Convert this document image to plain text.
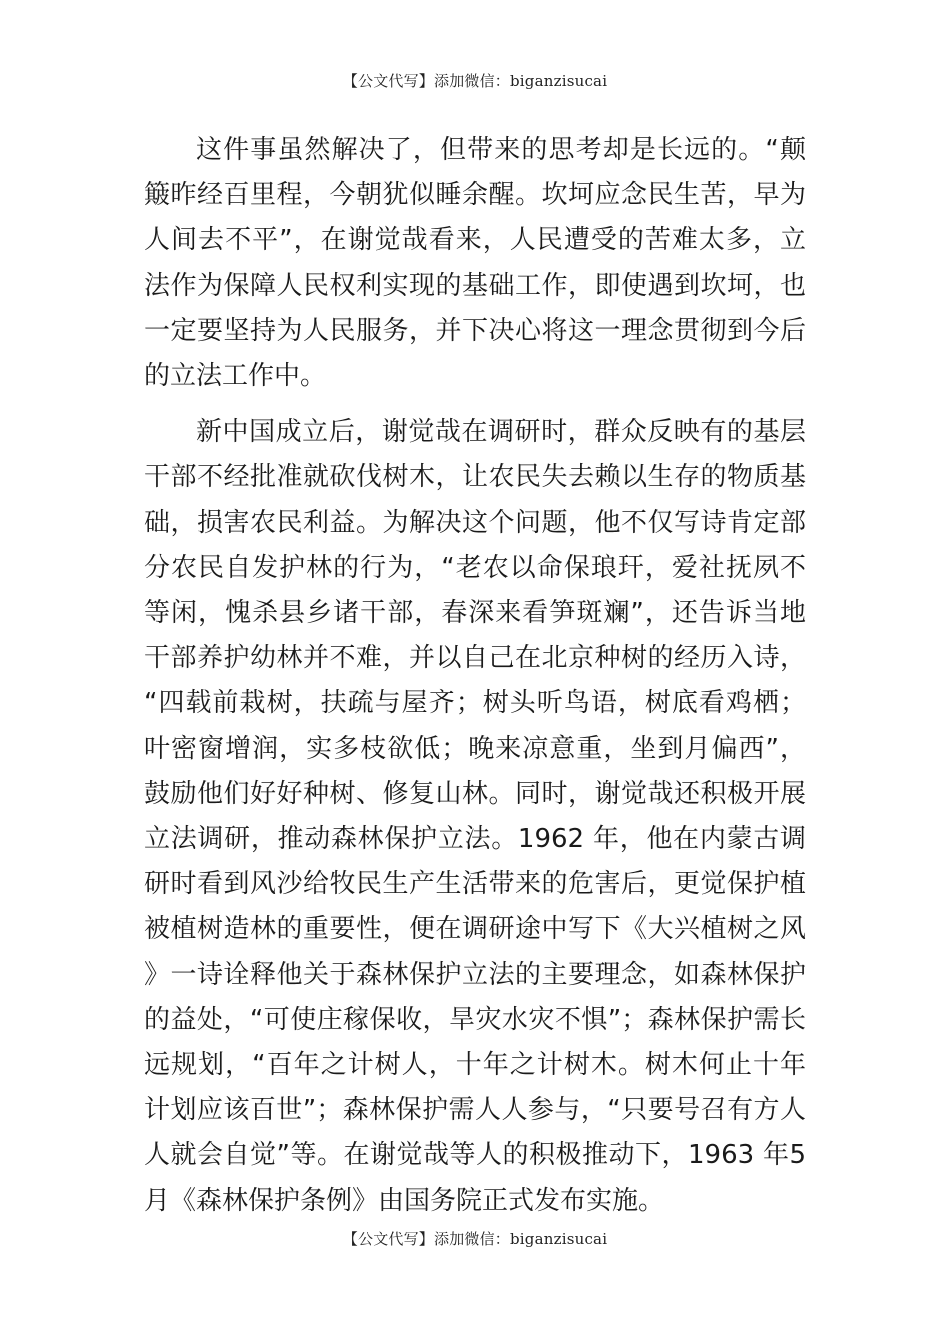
【公文代写】添加微信：biganzisucai

这件事虽然解决了，但带来的思考却是长远的。“颠簸昨经百里程，今朝犹似睡余醒。坎坷应念民生苦，早为人间去不平”，在谢觉哉看来，人民遭受的苦难太多，立法作为保障人民权利实现的基础工作，即使遇到坎坷，也一定要坚持为人民服务，并下决心将这一理念贯彻到今后的立法工作中。

新中国成立后，谢觉哉在调研时，群众反映有的基层干部不经批准就砍伐树木，让农民失去赖以生存的物质基础，损害农民利益。为解决这个问题，他不仅写诗肯定部分农民自发护林的行为，“老农以命保琅玕，爱社抚夙不等闲，愧杀县乡诸干部，春深来看笋斑斓”，还告诉当地干部养护幼林并不难，并以自己在北京种树的经历入诗，“四载前栽树，扶疏与屋齐；树头听鸟语，树底看鸡栖；叶密窗增润，实多枝欲低；晚来凉意重，坐到月偏西”，鼓励他们好好种树、修复山林。同时，谢觉哉还积极开展立法调研，推动森林保护立法。1962 年，他在内蒙古调研时看到风沙给牧民生产生活带来的危害后，更觉保护植被植树造林的重要性，便在调研途中写下《大兴植树之风》一诗诠释他关于森林保护立法的主要理念，如森林保护的益处，“可使庄稼保收，旱灾水灾不惧”；森林保护需长远规划，“百年之计树人，十年之计树木。树木何止十年计划应该百世”；森林保护需人人参与，“只要号召有方人人就会自觉”等。在谢觉哉等人的积极推动下，1963 年5 月《森林保护条例》由国务院正式发布实施。

【公文代写】添加微信：biganzisucai
